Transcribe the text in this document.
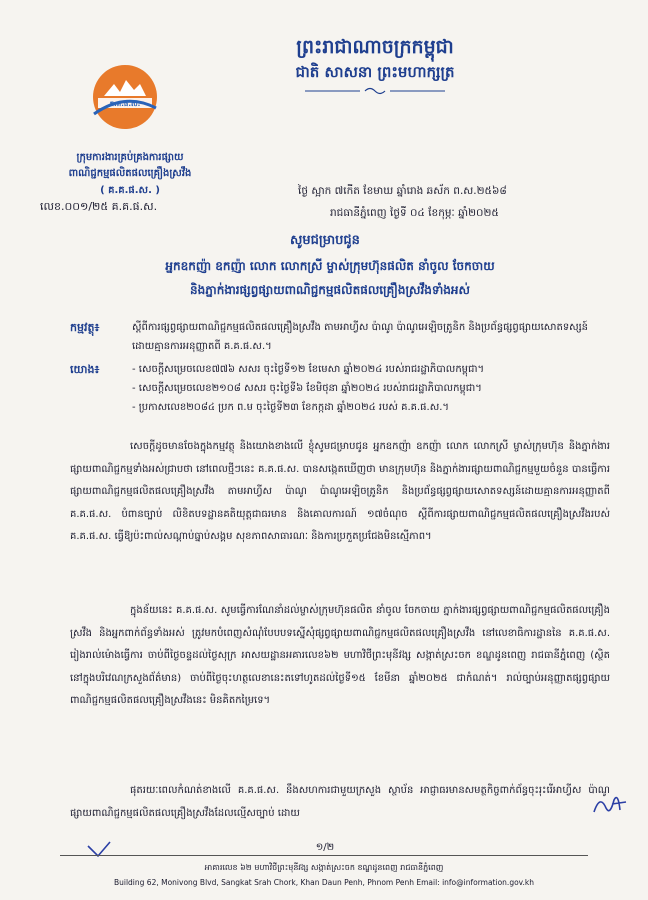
ព្រះរាជាណាចក្រកម្ពុជា
ជាតិ សាសនា ព្រះមហាក្សត្រ
គ.គ.ផ.ស.
ក្រុមការងារគ្រប់គ្រងការផ្សាយ
ពាណិជ្ជកម្មផលិតផលគ្រឿងស្រវឹង
( គ.គ.ផ.ស. )
លេខ.០០១/២៥ គ.គ.ផ.ស.
ថ្ងៃ ស្អាក ៧កើត ខែមាឃ ឆ្នាំរោង ឆស័ក ព.ស.២៥៦៨
រាជធានីភ្នំពេញ ថ្ងៃទី ០៤ ខែកុម្ភៈ ឆ្នាំ២០២៥
សូមជម្រាបជូន
អ្នកឧកញ៉ា ឧកញ៉ា លោក លោកស្រី ម្ចាស់ក្រុមហ៊ុនផលិត នាំចូល ចែកចាយ
និងភ្នាក់ងារផ្សព្វផ្សាយពាណិជ្ជកម្មផលិតផលគ្រឿងស្រវឹងទាំងអស់
កម្មវត្ថុ៖	ស្តីពីការផ្សព្វផ្សាយពាណិជ្ជកម្មផលិតផលគ្រឿងស្រវឹង តាមអាហ្វីស ប៉ាណូ ប៉ាណូអេឡិចត្រូនិក និងប្រព័ន្ធផ្សព្វផ្សាយសោតទស្សន៍ ដោយគ្មានការអនុញ្ញាតពី គ.គ.ផ.ស.។
យោង៖	- សេចក្តីសម្រេចលេខ៧៧៦ សសរ ចុះថ្ងៃទី១២ ខែមេសា ឆ្នាំ២០២៤ របស់រាជរដ្ឋាភិបាលកម្ពុជា។
- សេចក្តីសម្រេចលេខ២១០៨ សសរ ចុះថ្ងៃទី៦ ខែមិថុនា ឆ្នាំ២០២៤ របស់រាជរដ្ឋាភិបាលកម្ពុជា។
- ប្រកាសលេខ២០៨៤ ប្រក ព.ម ចុះថ្ងៃទី២៣ ខែកក្កដា ឆ្នាំ២០២៤ របស់ គ.គ.ផ.ស.។
សេចក្តីដូចមានចែងក្នុងកម្មវត្ថុ និងយោងខាងលើ ខ្ញុំសូមជម្រាបជូន អ្នកឧកញ៉ា ឧកញ៉ា លោក លោកស្រី ម្ចាស់ក្រុមហ៊ុន និងភ្នាក់ងារផ្សាយពាណិជ្ជកម្មទាំងអស់ជ្រាបថា នៅពេលថ្មីៗនេះ គ.គ.ផ.ស. បានសង្កេតឃើញថា មានក្រុមហ៊ុន និងភ្នាក់ងារផ្សាយពាណិជ្ជកម្មមួយចំនួន បានធ្វើការផ្សាយពាណិជ្ជកម្មផលិតផលគ្រឿងស្រវឹង តាមអាហ្វីស ប៉ាណូ ប៉ាណូអេឡិចត្រូនិក និងប្រព័ន្ធផ្សព្វផ្សាយសោតទស្សន៍ដោយគ្មានការអនុញ្ញាតពី គ.គ.ផ.ស. បំពានច្បាប់ លិខិតបទដ្ឋានគតិយុត្តជាធរមាន និងគោលការណ៍ ១៧ចំណុច ស្តីពីការផ្សាយពាណិជ្ជកម្មផលិតផលគ្រឿងស្រវឹងរបស់ គ.គ.ផ.ស. ធ្វើឱ្យប៉ះពាល់សណ្តាប់ធ្នាប់សង្គម សុខភាពសាធារណៈ និងការប្រកួតប្រជែងមិនស្មើភាព។
ក្នុងន័យនេះ គ.គ.ផ.ស. សូមធ្វើការណែនាំដល់ម្ចាស់ក្រុមហ៊ុនផលិត នាំចូល ចែកចាយ ភ្នាក់ងារផ្សព្វផ្សាយពាណិជ្ជកម្មផលិតផលគ្រឿងស្រវឹង និងអ្នកពាក់ព័ន្ធទាំងអស់ ត្រូវមកបំពេញសំណុំបែបបទស្នើសុំផ្សព្វផ្សាយពាណិជ្ជកម្មផលិតផលគ្រឿងស្រវឹង នៅលេខាធិការដ្ឋាននៃ គ.គ.ផ.ស. រៀងរាល់ម៉ោងធ្វើការ ចាប់ពីថ្ងៃចន្ទដល់ថ្ងៃសុក្រ អាសយដ្ឋានអគារលេខ៦២ មហាវិថីព្រះមុនីវង្ស សង្កាត់ស្រះចក ខណ្ឌដូនពេញ រាជធានីភ្នំពេញ (ស្ថិតនៅក្នុងបរិវេណក្រសួងព័ត៌មាន) ចាប់ពីថ្ងៃចុះហត្ថលេខានេះតទៅហូតដល់ថ្ងៃទី១៥ ខែមីនា ឆ្នាំ២០២៥ ជាកំណត់។ រាល់ច្បាប់អនុញ្ញាតផ្សព្វផ្សាយពាណិជ្ជកម្មផលិតផលគ្រឿងស្រវឹងនេះ មិនគិតកម្រៃទេ។
ផុតរយៈពេលកំណត់ខាងលើ គ.គ.ផ.ស. នឹងសហការជាមួយក្រសួង ស្ថាប័ន អាជ្ញាធរមានសមត្ថកិច្ចពាក់ព័ន្ធចុះរុះរើអាហ្វីស ប៉ាណូផ្សាយពាណិជ្ជកម្មផលិតផលគ្រឿងស្រវឹងដែលល្មើសច្បាប់ ដោយ
១/២
អាគារលេខ ៦២ មហាវិថីព្រះមុនីវង្ស សង្កាត់ស្រះចក ខណ្ឌដូនពេញ រាជធានីភ្នំពេញ
Building 62, Monivong Blvd, Sangkat Srah Chork, Khan Daun Penh, Phnom Penh Email: info@information.gov.kh
